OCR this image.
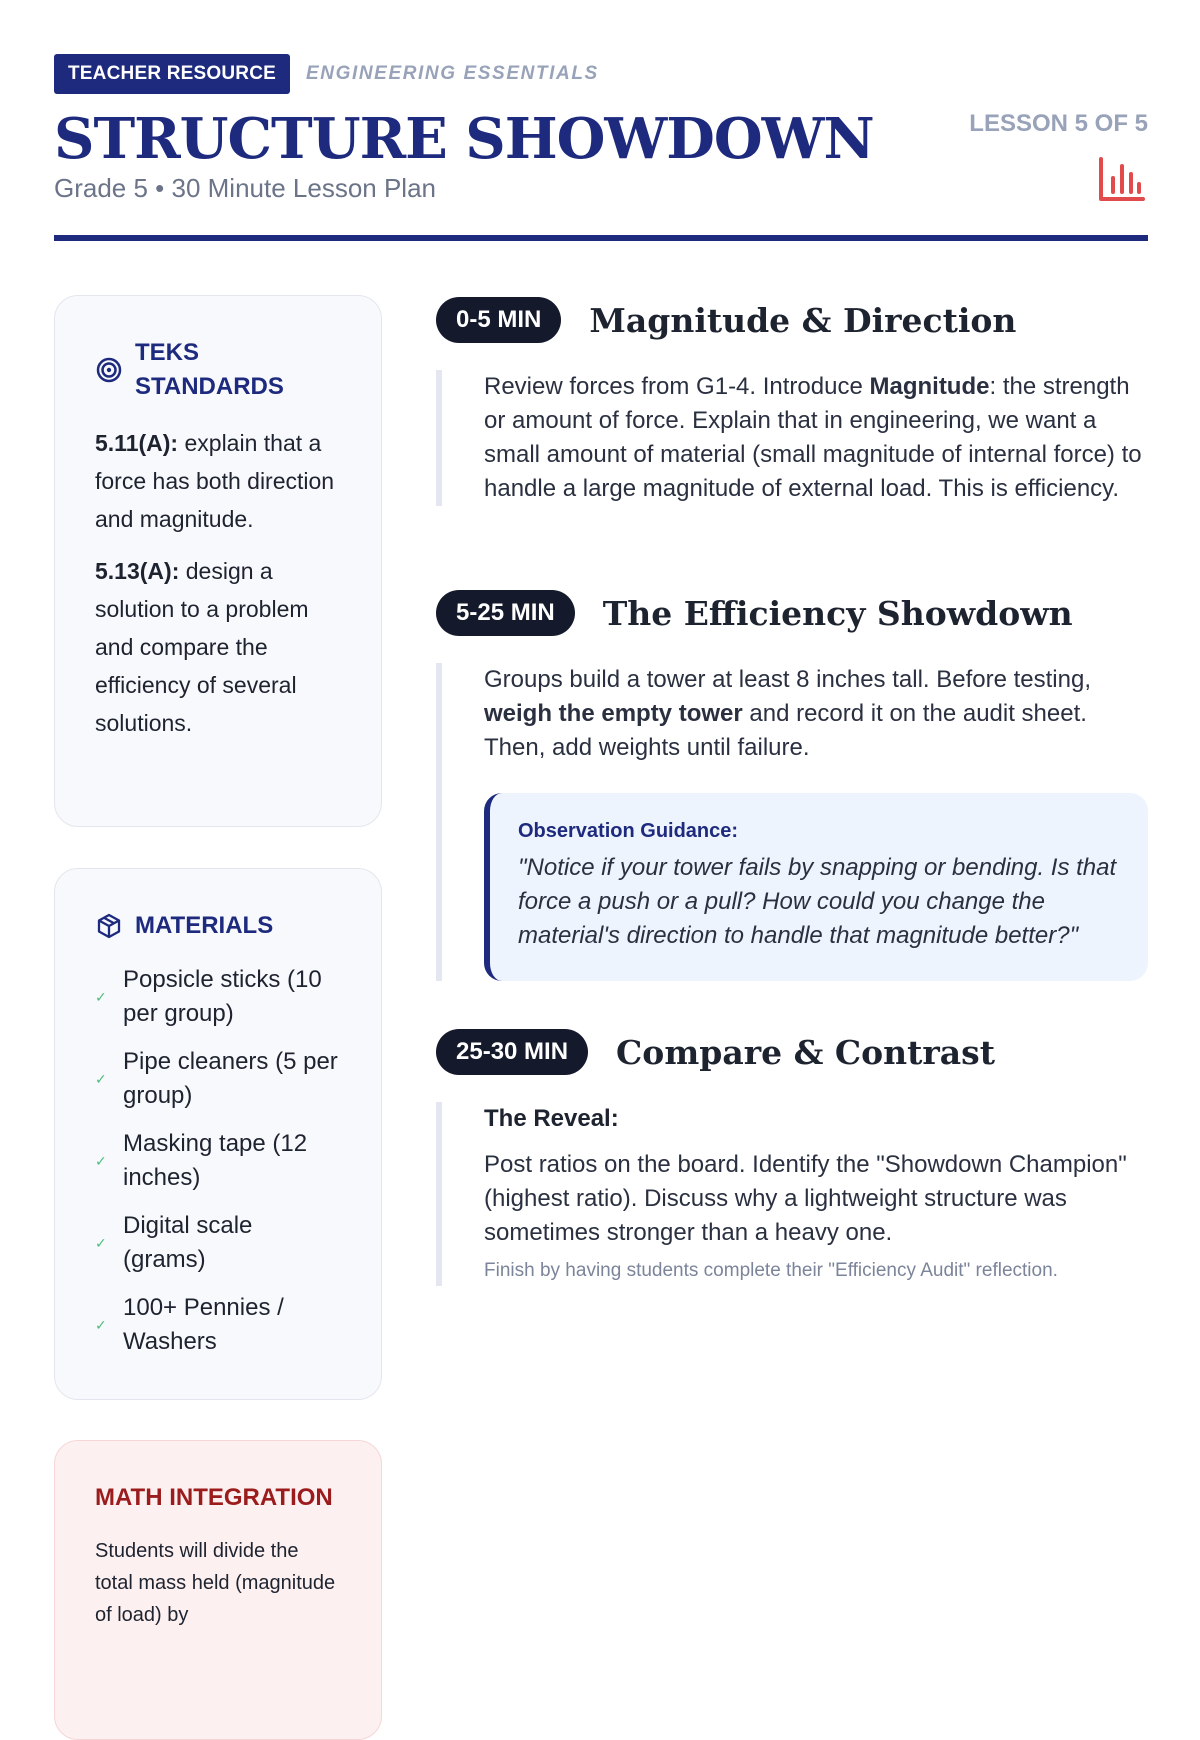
TEACHER RESOURCE	ENGINEERING ESSENTIALS
STRUCTURE SHOWDOWN
Grade 5 • 30 Minute Lesson Plan
LESSON 5 OF 5
TEKS STANDARDS

5.11(A): explain that a force has both direction and magnitude.

5.13(A): design a solution to a problem and compare the efficiency of several solutions.

MATERIALS
✓
Popsicle sticks (10 per group)
✓
Pipe cleaners (5 per group)
✓
Masking tape (12 inches)
✓
Digital scale (grams)
✓
100+ Pennies / Washers
MATH INTEGRATION

Students will divide the total mass held (magnitude of load) by

0-5 MIN	Magnitude & Direction

Review forces from G1-4. Introduce Magnitude: the strength or amount of force. Explain that in engineering, we want a small amount of material (small magnitude of internal force) to handle a large magnitude of external load. This is efficiency.

5-25 MIN	The Efficiency Showdown

Groups build a tower at least 8 inches tall. Before testing, weigh the empty tower and record it on the audit sheet. Then, add weights until failure.

Observation Guidance:
"Notice if your tower fails by snapping or bending. Is that force a push or a pull? How could you change the material's direction to handle that magnitude better?"
25-30 MIN	Compare & Contrast

The Reveal:

Post ratios on the board. Identify the "Showdown Champion" (highest ratio). Discuss why a lightweight structure was sometimes stronger than a heavy one.

Finish by having students complete their "Efficiency Audit" reflection.
